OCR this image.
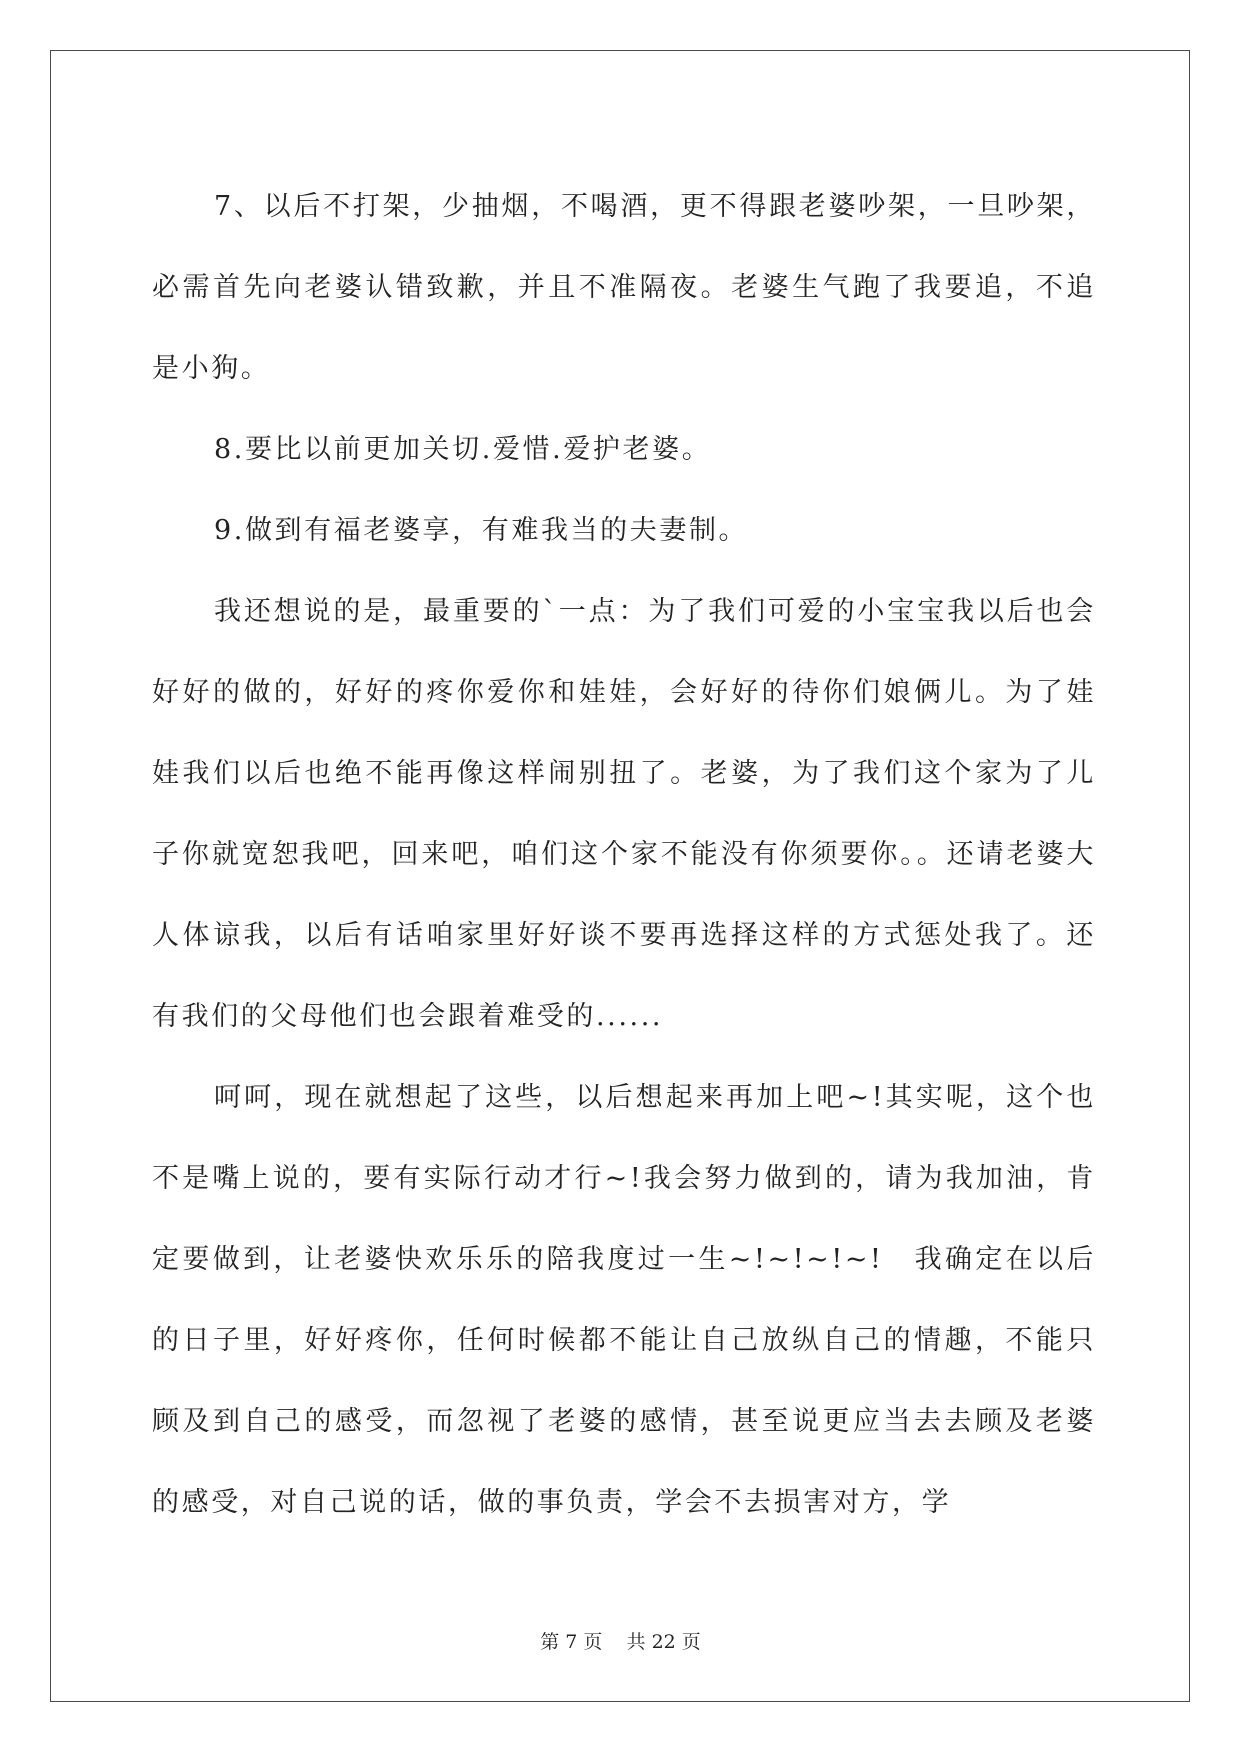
7、以后不打架，少抽烟，不喝酒，更不得跟老婆吵架，一旦吵架，必需首先向老婆认错致歉，并且不准隔夜。老婆生气跑了我要追，不追是小狗。

8.要比以前更加关切.爱惜.爱护老婆。

9.做到有福老婆享，有难我当的夫妻制。

我还想说的是，最重要的`一点：为了我们可爱的小宝宝我以后也会好好的做的，好好的疼你爱你和娃娃，会好好的待你们娘俩儿。为了娃娃我们以后也绝不能再像这样闹别扭了。老婆，为了我们这个家为了儿子你就宽恕我吧，回来吧，咱们这个家不能没有你须要你。。还请老婆大人体谅我，以后有话咱家里好好谈不要再选择这样的方式惩处我了。还有我们的父母他们也会跟着难受的......

呵呵，现在就想起了这些，以后想起来再加上吧~!其实呢，这个也不是嘴上说的，要有实际行动才行~!我会努力做到的，请为我加油，肯定要做到，让老婆快欢乐乐的陪我度过一生~!~!~!~!　我确定在以后的日子里，好好疼你，任何时候都不能让自己放纵自己的情趣，不能只顾及到自己的感受，而忽视了老婆的感情，甚至说更应当去去顾及老婆的感受，对自己说的话，做的事负责，学会不去损害对方，学

第 7 页 共 22 页
